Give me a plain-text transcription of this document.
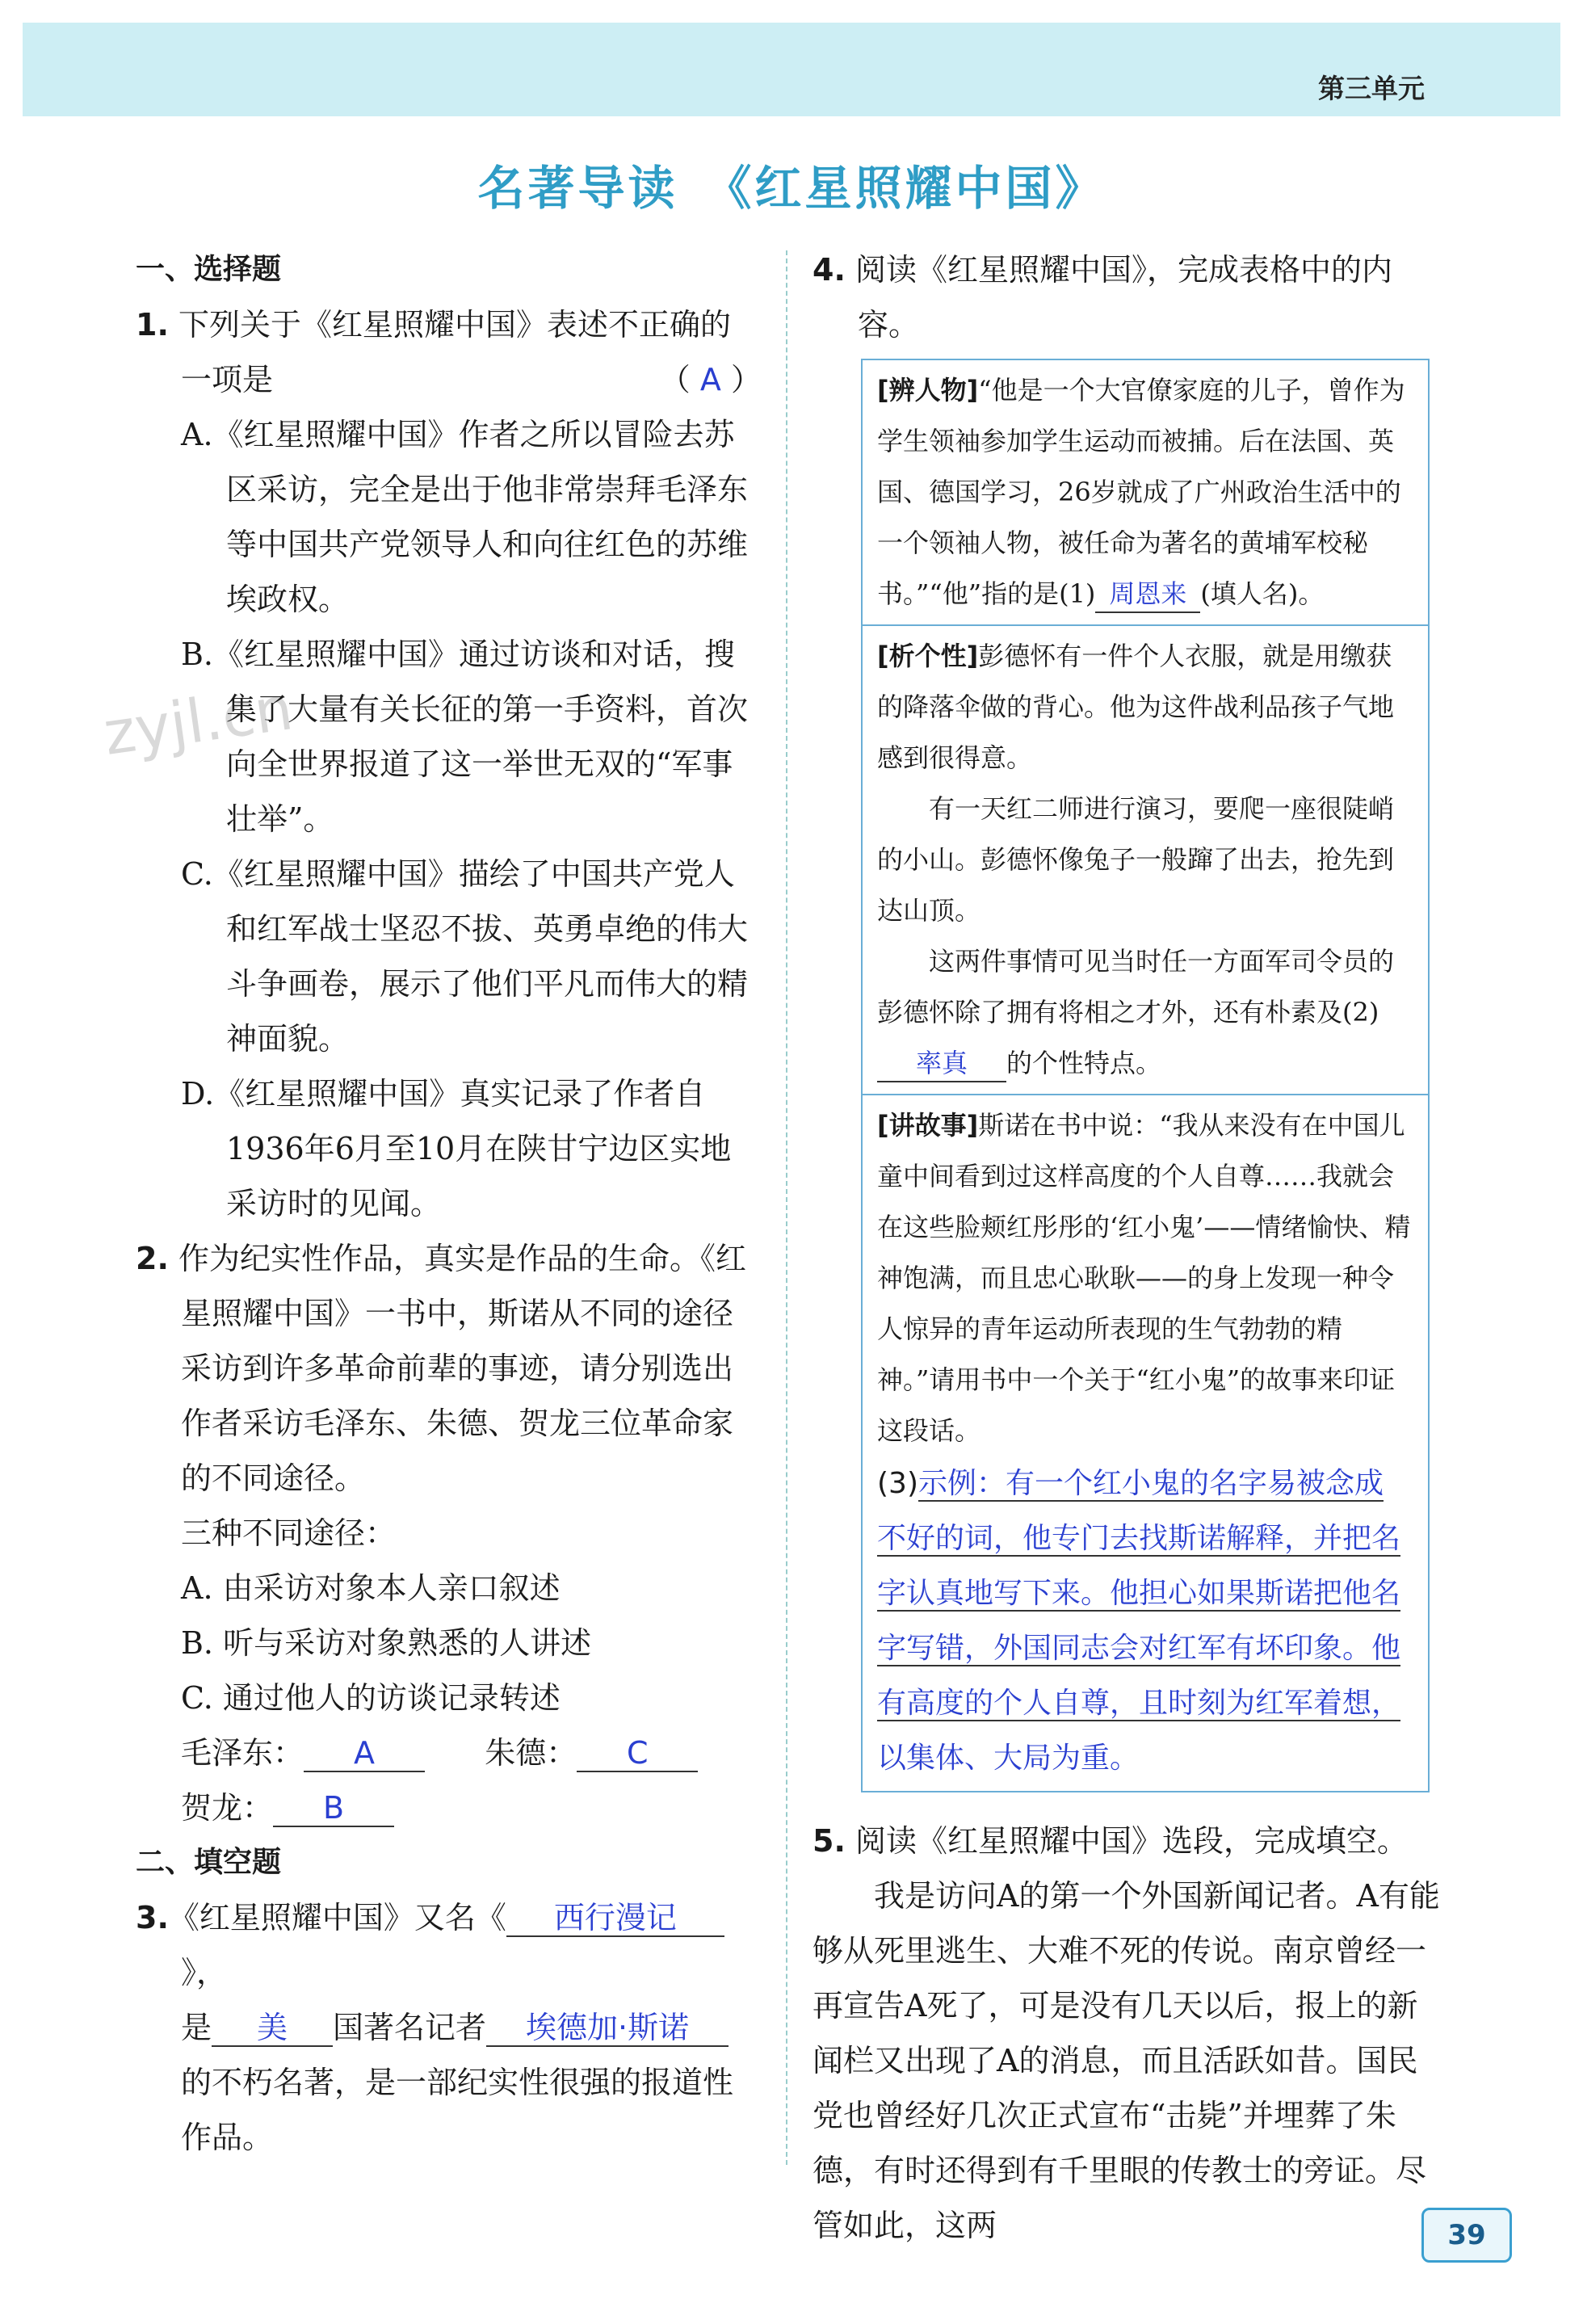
第三单元
名著导读　《红星照耀中国》
zyjl.cn
一、选择题
1. 下列关于《红星照耀中国》表述不正确的
一项是	（ A ）
A.《红星照耀中国》作者之所以冒险去苏区采访，完全是出于他非常崇拜毛泽东等中国共产党领导人和向往红色的苏维埃政权。
B.《红星照耀中国》通过访谈和对话，搜集了大量有关长征的第一手资料，首次向全世界报道了这一举世无双的“军事壮举”。
C.《红星照耀中国》描绘了中国共产党人和红军战士坚忍不拔、英勇卓绝的伟大斗争画卷，展示了他们平凡而伟大的精神面貌。
D.《红星照耀中国》真实记录了作者自1936年6月至10月在陕甘宁边区实地采访时的见闻。
2. 作为纪实性作品，真实是作品的生命。《红星照耀中国》一书中，斯诺从不同的途径采访到许多革命前辈的事迹，请分别选出作者采访毛泽东、朱德、贺龙三位革命家的不同途径。
三种不同途径：
A. 由采访对象本人亲口叙述
B. 听与采访对象熟悉的人讲述
C. 通过他人的访谈记录转述
毛泽东： A	朱德： C
贺龙： B
二、填空题
3.《红星照耀中国》又名《 西行漫记》，
是 美 国著名记者 埃德加·斯诺
的不朽名著，是一部纪实性很强的报道性作品。
4. 阅读《红星照耀中国》，完成表格中的内容。
[辨人物]“他是一个大官僚家庭的儿子，曾作为学生领袖参加学生运动而被捕。后在法国、英国、德国学习，26岁就成了广州政治生活中的一个领袖人物，被任命为著名的黄埔军校秘书。”“他”指的是(1) 周恩来 (填人名)。
[析个性]彭德怀有一件个人衣服，就是用缴获的降落伞做的背心。他为这件战利品孩子气地感到很得意。
有一天红二师进行演习，要爬一座很陡峭的小山。彭德怀像兔子一般蹿了出去，抢先到达山顶。
这两件事情可见当时任一方面军司令员的彭德怀除了拥有将相之才外，还有朴素及(2)率真 的个性特点。
[讲故事]斯诺在书中说：“我从来没有在中国儿童中间看到过这样高度的个人自尊……我就会在这些脸颊红彤彤的‘红小鬼’——情绪愉快、精神饱满，而且忠心耿耿——的身上发现一种令人惊异的青年运动所表现的生气勃勃的精神。”请用书中一个关于“红小鬼”的故事来印证这段话。
(3)示例：有一个红小鬼的名字易被念成
不好的词，他专门去找斯诺解释，并把名
字认真地写下来。他担心如果斯诺把他名
字写错，外国同志会对红军有坏印象。他
有高度的个人自尊，且时刻为红军着想，
以集体、大局为重。
5. 阅读《红星照耀中国》选段，完成填空。
我是访问A的第一个外国新闻记者。A有能够从死里逃生、大难不死的传说。南京曾经一再宣告A死了，可是没有几天以后，报上的新闻栏又出现了A的消息，而且活跃如昔。国民党也曾经好几次正式宣布“击毙”并埋葬了朱德，有时还得到有千里眼的传教士的旁证。尽管如此，这两	39
